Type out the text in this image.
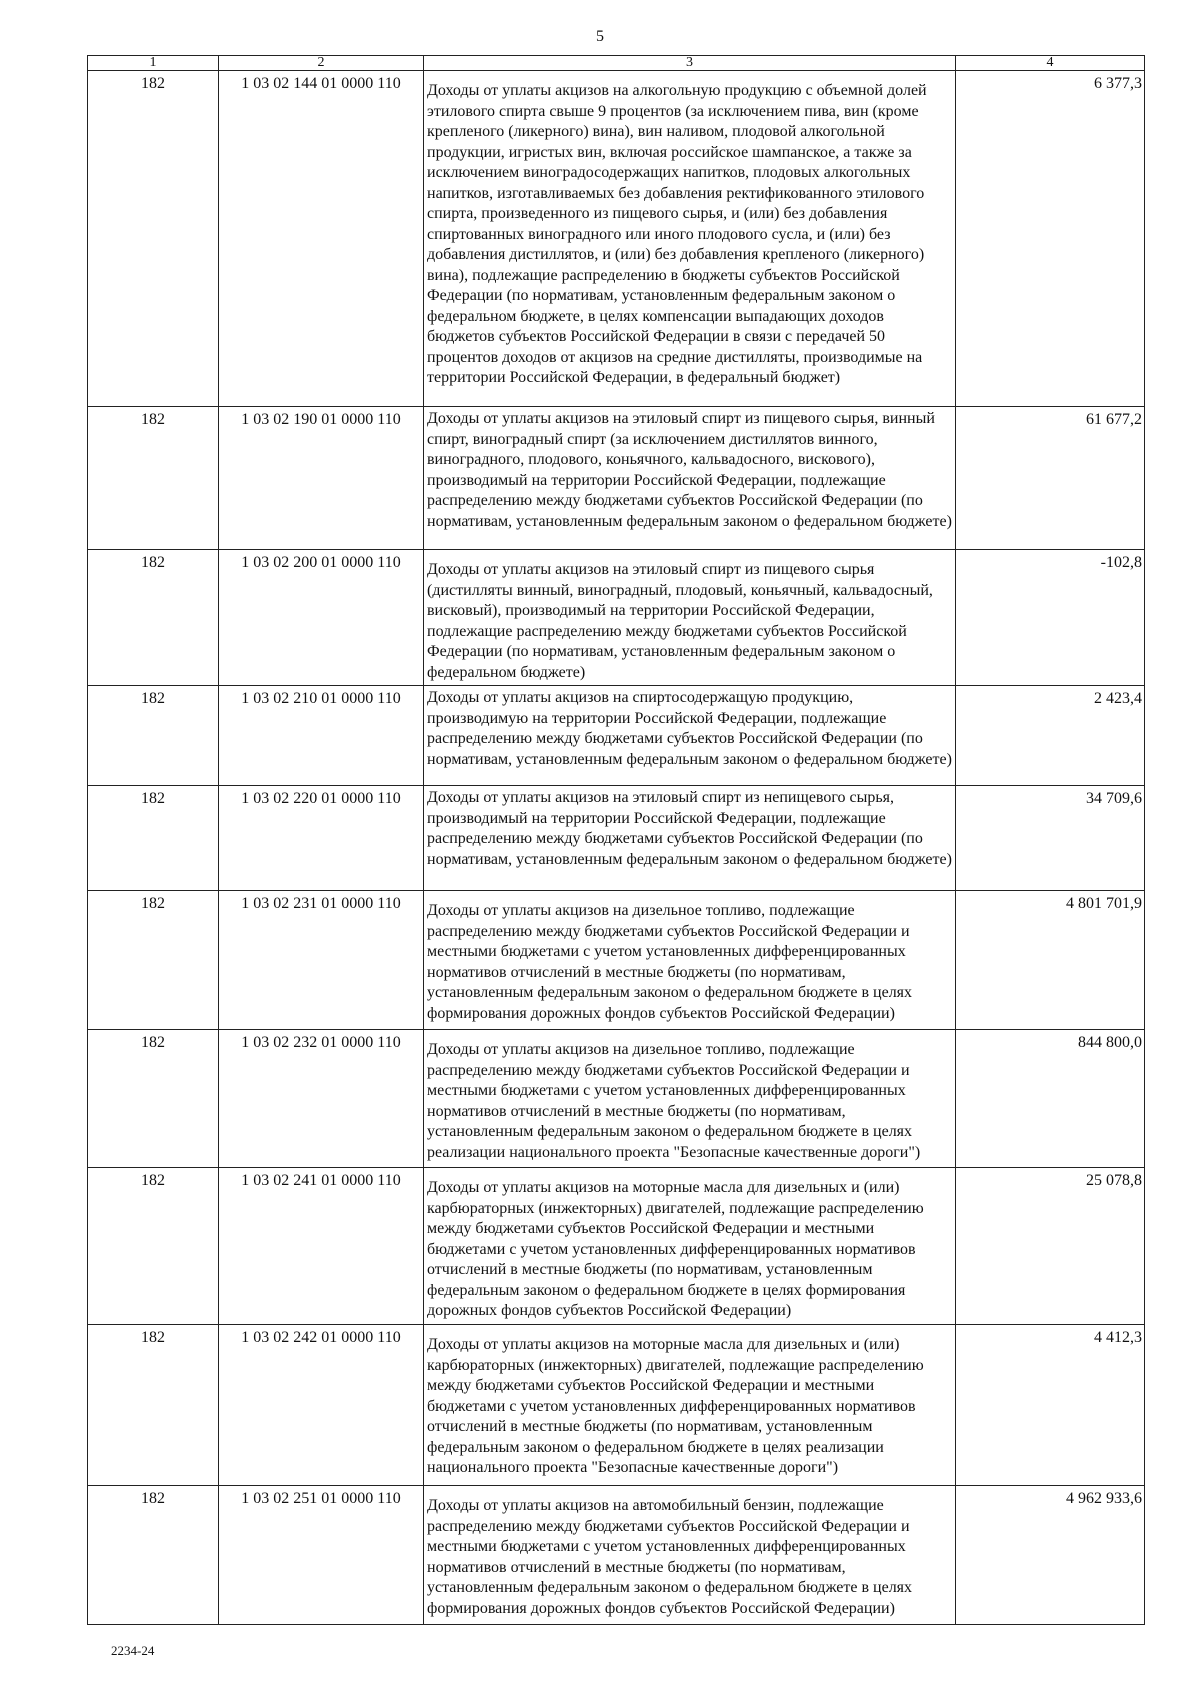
5
1	2	3	4
182	1 03 02 144 01 0000 110	Доходы от уплаты акцизов на алкогольную продукцию с объемной долей этилового спирта свыше 9 процентов (за исключением пива, вин (кроме крепленого (ликерного) вина), вин наливом, плодовой алкогольной продукции, игристых вин, включая российское шампанское, а также за исключением виноградосодержащих напитков, плодовых алкогольных напитков, изготавливаемых без добавления ректификованного этилового спирта, произведенного из пищевого сырья, и (или) без добавления спиртованных виноградного или иного плодового сусла, и (или) без добавления дистиллятов, и (или) без добавления крепленого (ликерного) вина), подлежащие распределению в бюджеты субъектов Российской Федерации (по нормативам, установленным федеральным законом о федеральном бюджете, в целях компенсации выпадающих доходов бюджетов субъектов Российской Федерации в связи с передачей 50 процентов доходов от акцизов на средние дистилляты, производимые на территории Российской Федерации, в федеральный бюджет)	6 377,3
182	1 03 02 190 01 0000 110	Доходы от уплаты акцизов на этиловый спирт из пищевого сырья, винный спирт, виноградный спирт (за исключением дистиллятов винного, виноградного, плодового, коньячного, кальвадосного, вискового), производимый на территории Российской Федерации, подлежащие распределению между бюджетами субъектов Российской Федерации (по нормативам, установленным федеральным законом о федеральном бюджете)	61 677,2
182	1 03 02 200 01 0000 110	Доходы от уплаты акцизов на этиловый спирт из пищевого сырья (дистилляты винный, виноградный, плодовый, коньячный, кальвадосный, висковый), производимый на территории Российской Федерации, подлежащие распределению между бюджетами субъектов Российской Федерации (по нормативам, установленным федеральным законом о федеральном бюджете)	-102,8
182	1 03 02 210 01 0000 110	Доходы от уплаты акцизов на спиртосодержащую продукцию, производимую на территории Российской Федерации, подлежащие распределению между бюджетами субъектов Российской Федерации (по нормативам, установленным федеральным законом о федеральном бюджете)	2 423,4
182	1 03 02 220 01 0000 110	Доходы от уплаты акцизов на этиловый спирт из непищевого сырья, производимый на территории Российской Федерации, подлежащие распределению между бюджетами субъектов Российской Федерации (по нормативам, установленным федеральным законом о федеральном бюджете)	34 709,6
182	1 03 02 231 01 0000 110	Доходы от уплаты акцизов на дизельное топливо, подлежащие распределению между бюджетами субъектов Российской Федерации и местными бюджетами с учетом установленных дифференцированных нормативов отчислений в местные бюджеты (по нормативам, установленным федеральным законом о федеральном бюджете в целях формирования дорожных фондов субъектов Российской Федерации)	4 801 701,9
182	1 03 02 232 01 0000 110	Доходы от уплаты акцизов на дизельное топливо, подлежащие распределению между бюджетами субъектов Российской Федерации и местными бюджетами с учетом установленных дифференцированных нормативов отчислений в местные бюджеты (по нормативам, установленным федеральным законом о федеральном бюджете в целях реализации национального проекта "Безопасные качественные дороги")	844 800,0
182	1 03 02 241 01 0000 110	Доходы от уплаты акцизов на моторные масла для дизельных и (или) карбюраторных (инжекторных) двигателей, подлежащие распределению между бюджетами субъектов Российской Федерации и местными бюджетами с учетом установленных дифференцированных нормативов отчислений в местные бюджеты (по нормативам, установленным федеральным законом о федеральном бюджете в целях формирования дорожных фондов субъектов Российской Федерации)	25 078,8
182	1 03 02 242 01 0000 110	Доходы от уплаты акцизов на моторные масла для дизельных и (или) карбюраторных (инжекторных) двигателей, подлежащие распределению между бюджетами субъектов Российской Федерации и местными бюджетами с учетом установленных дифференцированных нормативов отчислений в местные бюджеты (по нормативам, установленным федеральным законом о федеральном бюджете в целях реализации национального проекта "Безопасные качественные дороги")	4 412,3
182	1 03 02 251 01 0000 110	Доходы от уплаты акцизов на автомобильный бензин, подлежащие распределению между бюджетами субъектов Российской Федерации и местными бюджетами с учетом установленных дифференцированных нормативов отчислений в местные бюджеты (по нормативам, установленным федеральным законом о федеральном бюджете в целях формирования дорожных фондов субъектов Российской Федерации)	4 962 933,6
2234-24
